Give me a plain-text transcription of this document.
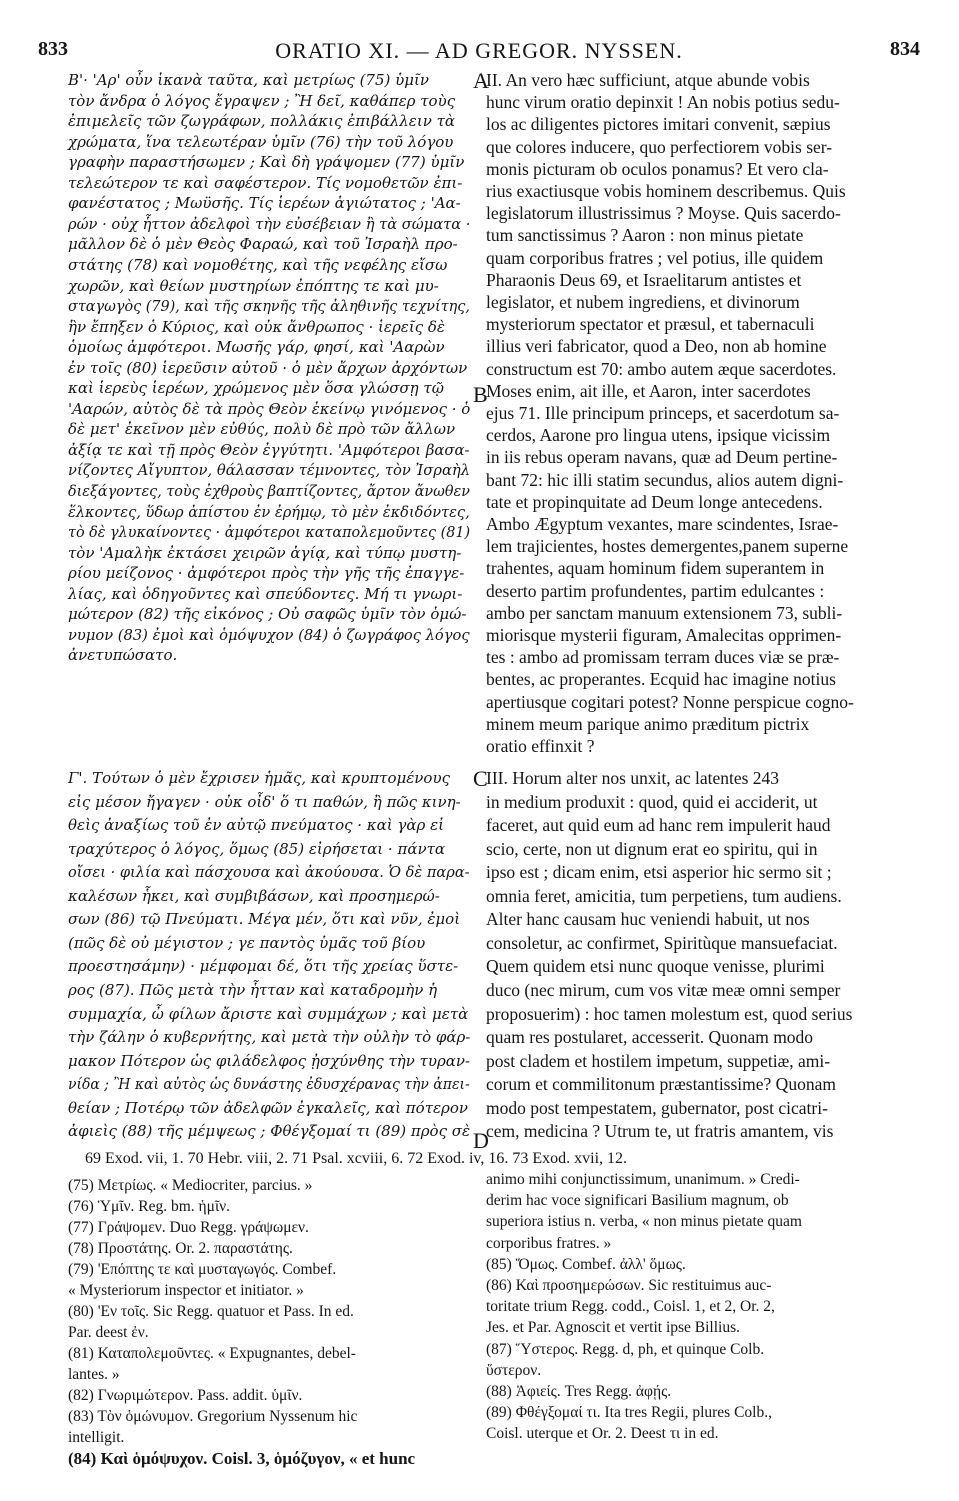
833	ORATIO XI. — AD GREGOR. NYSSEN.	834
B'· 'Αρ' οὖν ἱκανὰ ταῦτα, καὶ μετρίως (75) ὑμῖν
τὸν ἄνδρα ὁ λόγος ἔγραψεν ; Ἢ δεῖ, καθάπερ τοὺς
ἐπιμελεῖς τῶν ζωγράφων, πολλάκις ἐπιβάλλειν τὰ
χρώματα, ἵνα τελεωτέραν ὑμῖν (76) τὴν τοῦ λόγου
γραφὴν παραστήσωμεν ; Καὶ δὴ γράψομεν (77) ὑμῖν
τελεώτερον τε καὶ σαφέστερον. Τίς νομοθετῶν ἐπι-
φανέστατος ; Μωϋσῆς. Τίς ἱερέων ἁγιώτατος ; 'Αα-
ρών · οὐχ ἧττον ἀδελφοὶ τὴν εὐσέβειαν ἢ τὰ σώματα ·
μᾶλλον δὲ ὁ μὲν Θεὸς Φαραώ, καὶ τοῦ Ἰσραὴλ προ-
στάτης (78) καὶ νομοθέτης, καὶ τῆς νεφέλης εἴσω
χωρῶν, καὶ θείων μυστηρίων ἐπόπτης τε καὶ μυ-
σταγωγὸς (79), καὶ τῆς σκηνῆς τῆς ἀληθινῆς τεχνίτης,
ἣν ἔπηξεν ὁ Κύριος, καὶ οὐκ ἄνθρωπος · ἱερεῖς δὲ
ὁμοίως ἀμφότεροι. Μωσῆς γάρ, φησί, καὶ 'Ααρὼν
ἐν τοῖς (80) ἱερεῦσιν αὐτοῦ · ὁ μὲν ἄρχων ἀρχόντων
καὶ ἱερεὺς ἱερέων, χρώμενος μὲν ὅσα γλώσσῃ τῷ
'Ααρών, αὐτὸς δὲ τὰ πρὸς Θεὸν ἐκείνῳ γινόμενος · ὁ
δὲ μετ' ἐκεῖνον μὲν εὐθύς, πολὺ δὲ πρὸ τῶν ἄλλων
ἀξίᾳ τε καὶ τῇ πρὸς Θεὸν ἐγγύτητι. 'Αμφότεροι βασα-
νίζοντες Αἴγυπτον, θάλασσαν τέμνοντες, τὸν Ἰσραὴλ
διεξάγοντες, τοὺς ἐχθροὺς βαπτίζοντες, ἄρτον ἄνωθεν
ἕλκοντες, ὕδωρ ἀπίστου ἐν ἐρήμῳ, τὸ μὲν ἐκδιδόντες,
τὸ δὲ γλυκαίνοντες · ἀμφότεροι καταπολεμοῦντες (81)
τὸν 'Αμαλὴκ ἐκτάσει χειρῶν ἁγίᾳ, καὶ τύπῳ μυστη-
ρίου μείζονος · ἀμφότεροι πρὸς τὴν γῆς τῆς ἐπαγγε-
λίας, καὶ ὁδηγοῦντες καὶ σπεύδοντες. Μή τι γνωρι-
μώτερον (82) τῆς εἰκόνος ; Οὐ σαφῶς ὑμῖν τὸν ὁμώ-
νυμον (83) ἐμοὶ καὶ ὁμόψυχον (84) ὁ ζωγράφος λόγος
ἀνετυπώσατο.
II. An vero hæc sufficiunt, atque abunde vobis
hunc virum oratio depinxit ! An nobis potius sedu-
los ac diligentes pictores imitari convenit, sæpius
que colores inducere, quo perfectiorem vobis ser-
monis picturam ob oculos ponamus? Et vero cla-
rius exactiusque vobis hominem describemus. Quis
legislatorum illustrissimus ? Moyse. Quis sacerdo-
tum sanctissimus ? Aaron : non minus pietate
quam corporibus fratres ; vel potius, ille quidem
Pharaonis Deus 69, et Israelitarum antistes et
legislator, et nubem ingrediens, et divinorum
mysteriorum spectator et præsul, et tabernaculi
illius veri fabricator, quod a Deo, non ab homine
constructum est 70: ambo autem æque sacerdotes.
Moses enim, ait ille, et Aaron, inter sacerdotes
ejus 71. Ille principum princeps, et sacerdotum sa-
cerdos, Aarone pro lingua utens, ipsique vicissim
in iis rebus operam navans, quæ ad Deum pertine-
bant 72: hic illi statim secundus, alios autem digni-
tate et propinquitate ad Deum longe antecedens.
Ambo Ægyptum vexantes, mare scindentes, Israe-
lem trajicientes, hostes demergentes,panem superne
trahentes, aquam hominum fidem superantem in
deserto partim profundentes, partim edulcantes :
ambo per sanctam manuum extensionem 73, subli-
miorisque mysterii figuram, Amalecitas opprimen-
tes : ambo ad promissam terram duces viæ se præ-
bentes, ac properantes. Ecquid hac imagine notius
apertiusque cogitari potest? Nonne perspicue cogno-
minem meum parique animo præditum pictrix
oratio effinxit ?
Γ'. Τούτων ὁ μὲν ἔχρισεν ἡμᾶς, καὶ κρυπτομένους
εἰς μέσον ἤγαγεν · οὐκ οἶδ' ὅ τι παθών, ἢ πῶς κινη-
θεὶς ἀναξίως τοῦ ἐν αὐτῷ πνεύματος · καὶ γὰρ εἰ
τραχύτερος ὁ λόγος, ὅμως (85) εἰρήσεται · πάντα
οἴσει · φιλία καὶ πάσχουσα καὶ ἀκούουσα. Ὁ δὲ παρα-
καλέσων ἧκει, καὶ συμβιβάσων, καὶ προσημερώ-
σων (86) τῷ Πνεύματι. Μέγα μέν, ὅτι καὶ νῦν, ἐμοὶ
(πῶς δὲ οὐ μέγιστον ; γε παντὸς ὑμᾶς τοῦ βίου
προεστησάμην) · μέμφομαι δέ, ὅτι τῆς χρείας ὕστε-
ρος (87). Πῶς μετὰ τὴν ἧτταν καὶ καταδρομὴν ἡ
συμμαχία, ὦ φίλων ἄριστε καὶ συμμάχων ; καὶ μετὰ
τὴν ζάλην ὁ κυβερνήτης, καὶ μετὰ τὴν οὐλὴν τὸ φάρ-
μακον Πότερον ὡς φιλάδελφος ᾐσχύνθης τὴν τυραν-
νίδα ; Ἢ καὶ αὐτὸς ὡς δυνάστης ἐδυσχέρανας τὴν ἀπει-
θείαν ; Ποτέρῳ τῶν ἀδελφῶν ἐγκαλεῖς, καὶ πότερον
ἀφιεὶς (88) τῆς μέμψεως ; Φθέγξομαί τι (89) πρὸς σὲ
III. Horum alter nos unxit, ac latentes 243
in medium produxit : quod, quid ei acciderit, ut
faceret, aut quid eum ad hanc rem impulerit haud
scio, certe, non ut dignum erat eo spiritu, qui in
ipso est ; dicam enim, etsi asperior hic sermo sit ;
omnia feret, amicitia, tum perpetiens, tum audiens.
Alter hanc causam huc veniendi habuit, ut nos
consoletur, ac confirmet, Spiritùque mansuefaciat.
Quem quidem etsi nunc quoque venisse, plurimi
duco (nec mirum, cum vos vitæ meæ omni semper
proposuerim) : hoc tamen molestum est, quod serius
quam res postularet, accesserit. Quonam modo
post cladem et hostilem impetum, suppetiæ, ami-
corum et commilitonum præstantissime? Quonam
modo post tempestatem, gubernator, post cicatri-
cem, medicina ? Utrum te, ut fratris amantem, vis
A
B
C
D
69 Exod. vii, 1. 70 Hebr. viii, 2. 71 Psal. xcviii, 6. 72 Exod. iv, 16. 73 Exod. xvii, 12.
(75) Μετρίως. « Mediocriter, parcius. »
(76) Ὑμῖν. Reg. bm. ἡμῖν.
(77) Γράψομεν. Duo Regg. γράψωμεν.
(78) Προστάτης. Or. 2. παραστάτης.
(79) 'Επόπτης τε καὶ μυσταγωγός. Combef.
« Mysteriorum inspector et initiator. »
(80) 'Εν τοῖς. Sic Regg. quatuor et Pass. In ed.
Par. deest ἐν.
(81) Καταπολεμοῦντες. « Expugnantes, debel-
lantes. »
(82) Γνωριμώτερον. Pass. addit. ὑμῖν.
(83) Τὸν ὁμώνυμον. Gregorium Nyssenum hic
intelligit.
(84) Καὶ ὁμόψυχον. Coisl. 3, ὁμόζυγον, « et hunc
animo mihi conjunctissimum, unanimum. » Credi-
derim hac voce significari Basilium magnum, ob
superiora istius n. verba, « non minus pietate quam
corporibus fratres. »
(85) Ὅμως. Combef. ἀλλ' ὅμως.
(86) Καὶ προσημερώσων. Sic restituimus auc-
toritate trium Regg. codd., Coisl. 1, et 2, Or. 2,
Jes. et Par. Agnoscit et vertit ipse Billius.
(87) Ὕστερος. Regg. d, ph, et quinque Colb.
ὕστερον.
(88) Ἀφιείς. Tres Regg. ἀφῄς.
(89) Φθέγξομαί τι. Ita tres Regii, plures Colb.,
Coisl. uterque et Or. 2. Deest τι in ed.
